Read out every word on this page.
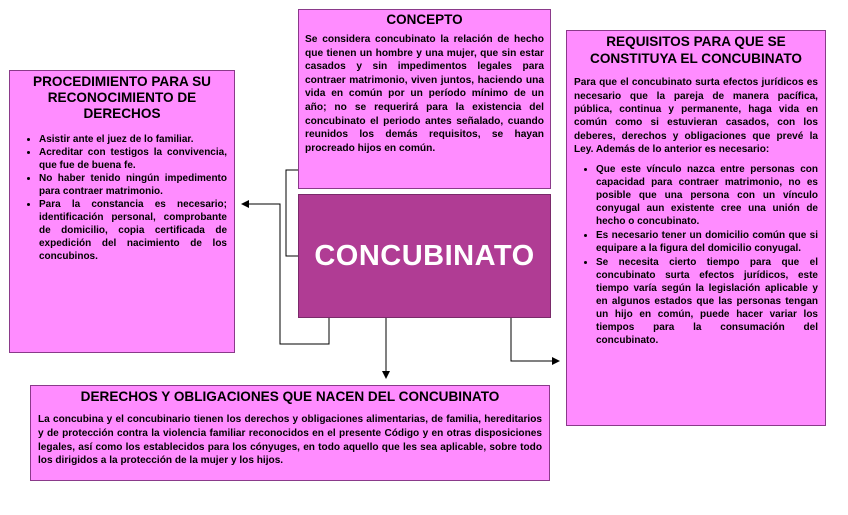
CONCEPTO

Se considera concubinato la relación de hecho que tienen un hombre y una mujer, que sin estar casados y sin impedimentos legales para contraer matrimonio, viven juntos, haciendo una vida en común por un período mínimo de un año; no se requerirá para la existencia del concubinato el periodo antes señalado, cuando reunidos los demás requisitos, se hayan procreado hijos en común.

PROCEDIMIENTO PARA SU RECONOCIMIENTO DE DERECHOS
• Asistir ante el juez de lo familiar.
• Acreditar con testigos la convivencia, que fue de buena fe.
• No haber tenido ningún impedimento para contraer matrimonio.
• Para la constancia es necesario; identificación personal, comprobante de domicilio, copia certificada de expedición del nacimiento de los concubinos.	CONCUBINATO
REQUISITOS PARA QUE SE CONSTITUYA EL CONCUBINATO

Para que el concubinato surta efectos jurídicos es necesario que la pareja de manera pacífica, pública, continua y permanente, haga vida en común como si estuvieran casados, con los deberes, derechos y obligaciones que prevé la Ley. Además de lo anterior es necesario:

• Que este vínculo nazca entre personas con capacidad para contraer matrimonio, no es posible que una persona con un vínculo conyugal aun existente cree una unión de hecho o concubinato.
• Es necesario tener un domicilio común que si equipare a la figura del domicilio conyugal.
• Se necesita cierto tiempo para que el concubinato surta efectos jurídicos, este tiempo varía según la legislación aplicable y en algunos estados que las personas tengan un hijo en común, puede hacer variar los tiempos para la consumación del concubinato.
DERECHOS Y OBLIGACIONES QUE NACEN DEL CONCUBINATO

La concubina y el concubinario tienen los derechos y obligaciones alimentarias, de familia, hereditarios y de protección contra la violencia familiar reconocidos en el presente Código y en otras disposiciones legales, así como los establecidos para los cónyuges, en todo aquello que les sea aplicable, sobre todo los dirigidos a la protección de la mujer y los hijos.
